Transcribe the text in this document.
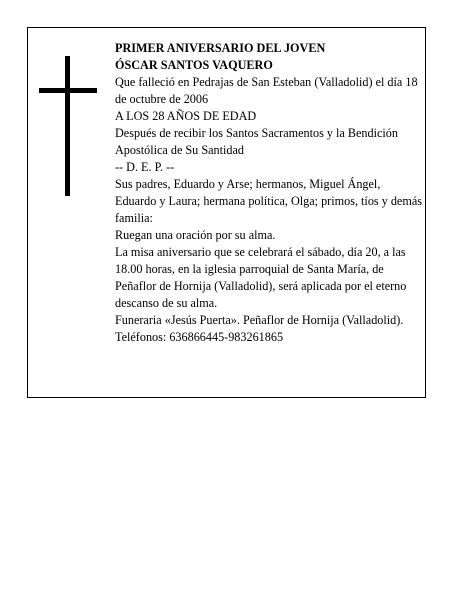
PRIMER ANIVERSARIO DEL JOVEN

ÓSCAR SANTOS VAQUERO

Que falleció en Pedrajas de San Esteban (Valladolid) el día 18 de octubre de 2006

A LOS 28 AÑOS DE EDAD

Después de recibir los Santos Sacramentos y la Bendición Apostólica de Su Santidad

-- D. E. P. --

Sus padres, Eduardo y Arse; hermanos, Miguel Ángel, Eduardo y Laura; hermana política, Olga; primos, tíos y demás familia:

Ruegan una oración por su alma.

La misa aniversario que se celebrará el sábado, día 20, a las 18.00 horas, en la iglesia parroquial de Santa María, de Peñaflor de Hornija (Valladolid), será aplicada por el eterno descanso de su alma.

Funeraria «Jesús Puerta». Peñaflor de Hornija (Valladolid). Teléfonos: 636866445-983261865
